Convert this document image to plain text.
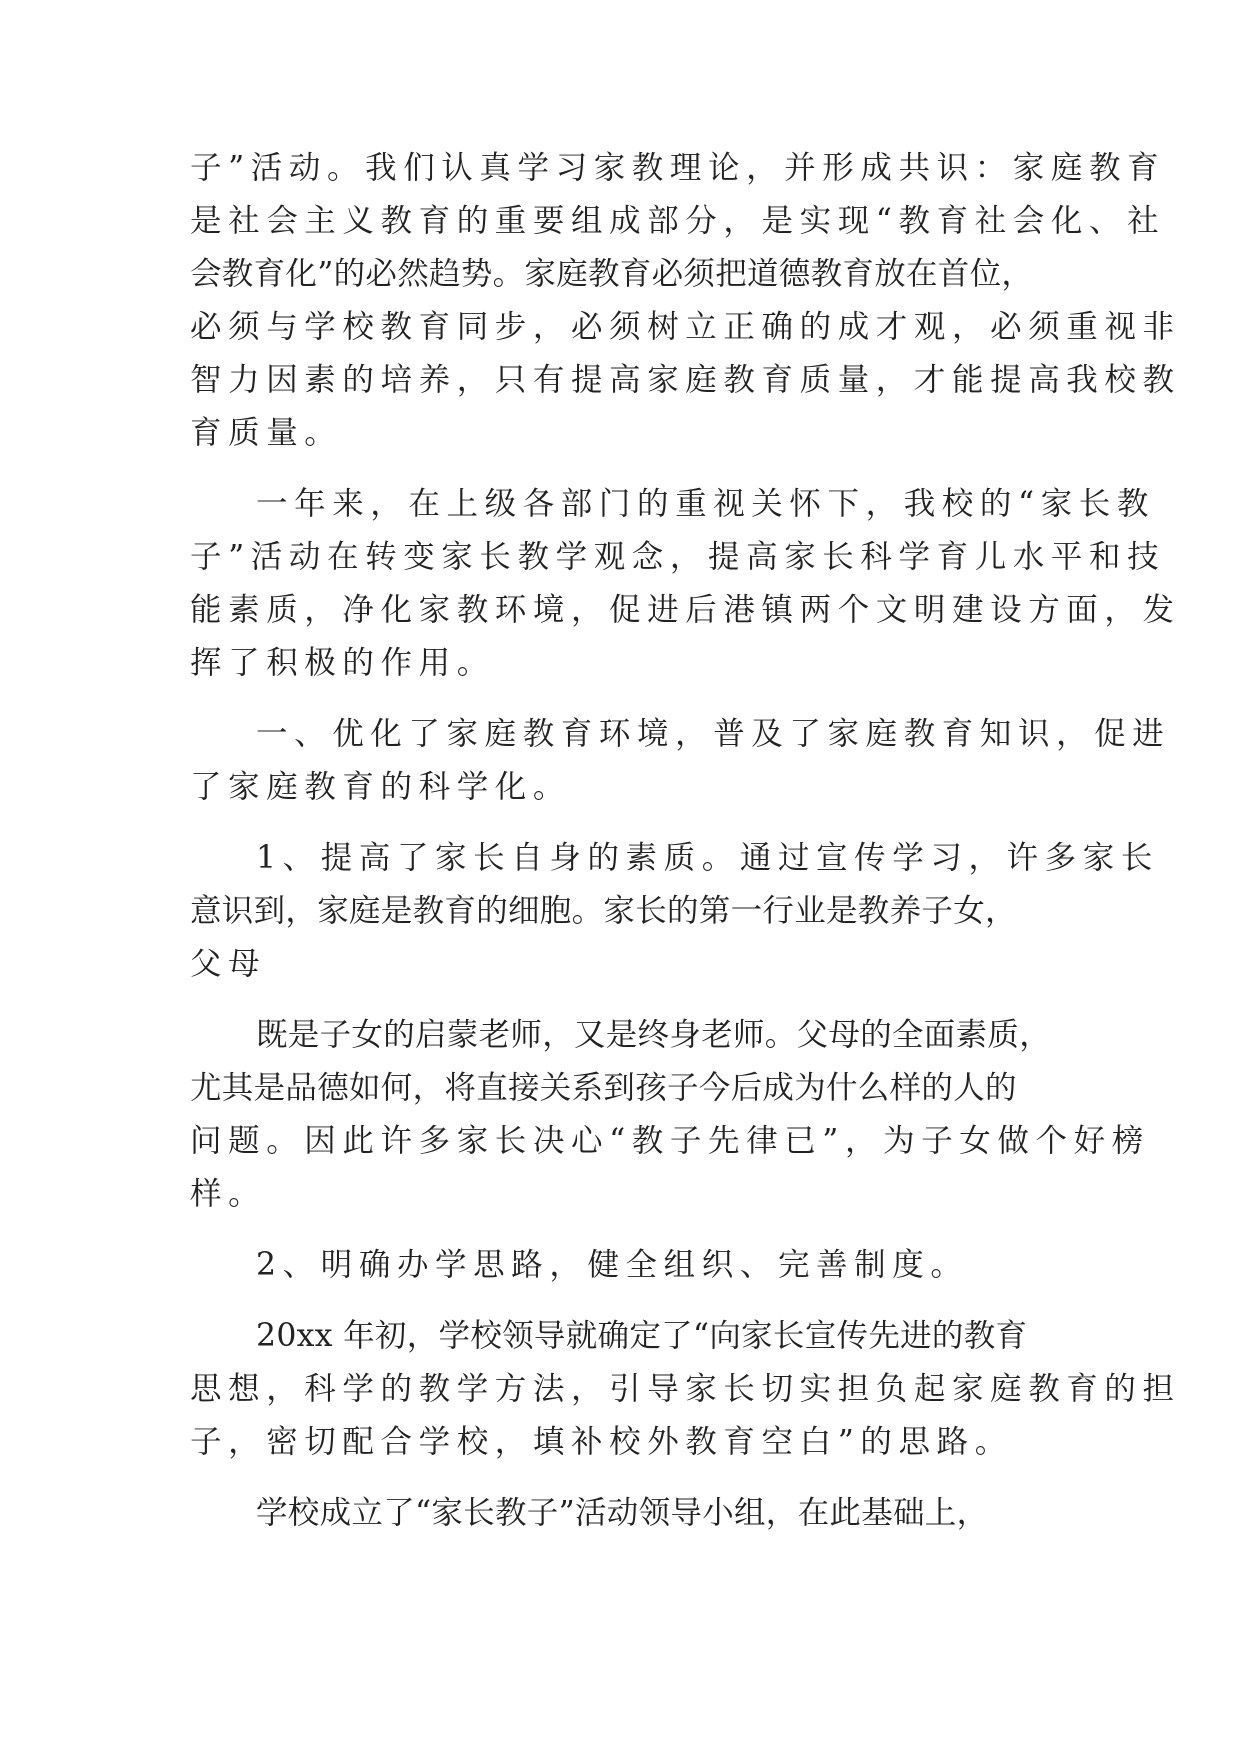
子”活动。我们认真学习家教理论，并形成共识：家庭教育
是社会主义教育的重要组成部分，是实现“教育社会化、社
会教育化”的必然趋势。家庭教育必须把道德教育放在首位，
必须与学校教育同步，必须树立正确的成才观，必须重视非
智力因素的培养，只有提高家庭教育质量，才能提高我校教
育质量。
一年来，在上级各部门的重视关怀下，我校的“家长教
子”活动在转变家长教学观念，提高家长科学育儿水平和技
能素质，净化家教环境，促进后港镇两个文明建设方面，发
挥了积极的作用。
一、优化了家庭教育环境，普及了家庭教育知识，促进
了家庭教育的科学化。
1、提高了家长自身的素质。通过宣传学习，许多家长
意识到，家庭是教育的细胞。家长的第一行业是教养子女，
父母
既是子女的启蒙老师，又是终身老师。父母的全面素质，
尤其是品德如何，将直接关系到孩子今后成为什么样的人的
问题。因此许多家长决心“教子先律已”，为子女做个好榜
样。
2、明确办学思路，健全组织、完善制度。
20xx 年初，学校领导就确定了“向家长宣传先进的教育
思想，科学的教学方法，引导家长切实担负起家庭教育的担
子，密切配合学校，填补校外教育空白”的思路。
学校成立了“家长教子”活动领导小组，在此基础上，
